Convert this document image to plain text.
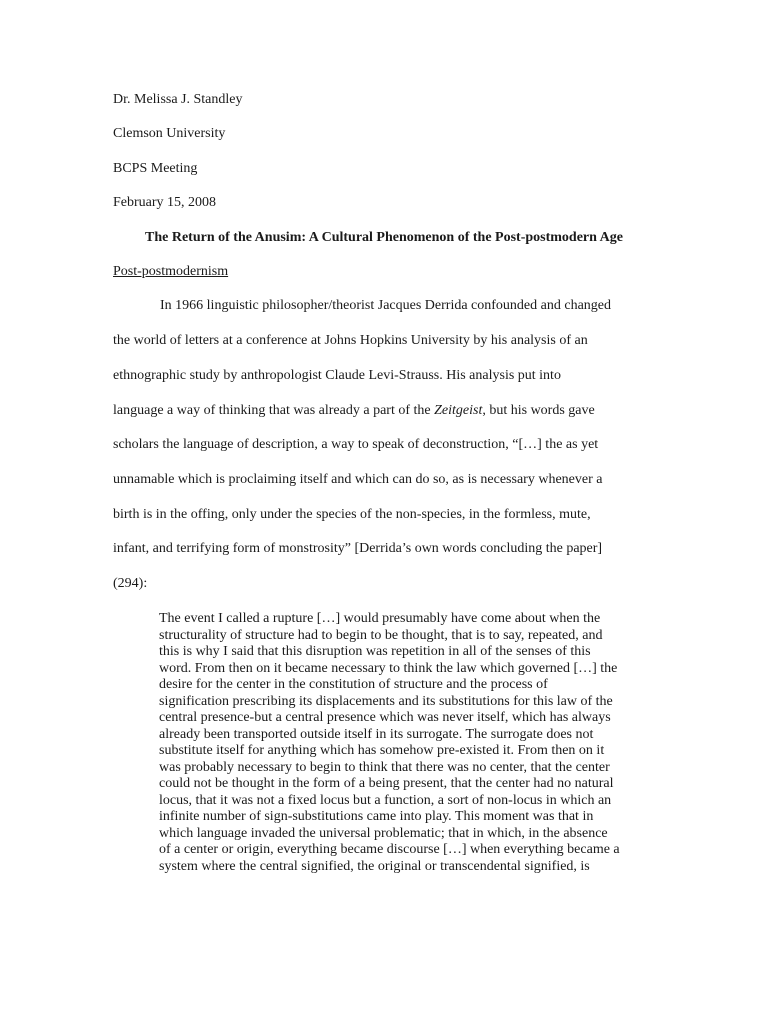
Dr. Melissa J. Standley

Clemson University

BCPS Meeting

February 15, 2008

The Return of the Anusim: A Cultural Phenomenon of the Post-postmodern Age
Post-postmodernism
In 1966 linguistic philosopher/theorist Jacques Derrida confounded and changed
the world of letters at a conference at Johns Hopkins University by his analysis of an
ethnographic study by anthropologist Claude Levi-Strauss. His analysis put into
language a way of thinking that was already a part of the Zeitgeist, but his words gave
scholars the language of description, a way to speak of deconstruction, “[…] the as yet
unnamable which is proclaiming itself and which can do so, as is necessary whenever a
birth is in the offing, only under the species of the non-species, in the formless, mute,
infant, and terrifying form of monstrosity” [Derrida’s own words concluding the paper]
(294):
The event I called a rupture […] would presumably have come about when the
structurality of structure had to begin to be thought, that is to say, repeated, and
this is why I said that this disruption was repetition in all of the senses of this
word. From then on it became necessary to think the law which governed […] the
desire for the center in the constitution of structure and the process of
signification prescribing its displacements and its substitutions for this law of the
central presence-but a central presence which was never itself, which has always
already been transported outside itself in its surrogate. The surrogate does not
substitute itself for anything which has somehow pre-existed it. From then on it
was probably necessary to begin to think that there was no center, that the center
could not be thought in the form of a being present, that the center had no natural
locus, that it was not a fixed locus but a function, a sort of non-locus in which an
infinite number of sign-substitutions came into play. This moment was that in
which language invaded the universal problematic; that in which, in the absence
of a center or origin, everything became discourse […] when everything became a
system where the central signified, the original or transcendental signified, is
